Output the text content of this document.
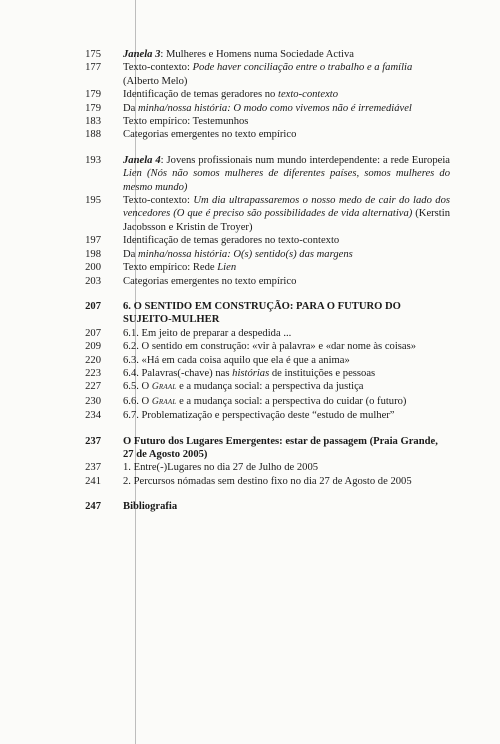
175	Janela 3: Mulheres e Homens numa Sociedade Activa
177	Texto-contexto: Pode haver conciliação entre o trabalho e a família (Alberto Melo)
179	Identificação de temas geradores no texto-contexto
179	Da minha/nossa história: O modo como vivemos não é irremediável
183	Texto empírico: Testemunhos
188	Categorias emergentes no texto empírico
193	Janela 4: Jovens profissionais num mundo interdependente: a rede Europeia Lien (Nós não somos mulheres de diferentes países, somos mulheres do mesmo mundo)
195	Texto-contexto: Um dia ultrapassaremos o nosso medo de cair do lado dos vencedores (O que é preciso são possibilidades de vida alternativa) (Kerstin Jacobsson e Kristin de Troyer)
197	Identificação de temas geradores no texto-contexto
198	Da minha/nossa história: O(s) sentido(s) das margens
200	Texto empírico: Rede Lien
203	Categorias emergentes no texto empírico
207	6. O SENTIDO EM CONSTRUÇÃO: PARA O FUTURO DO SUJEITO-MULHER
207	6.1. Em jeito de preparar a despedida ...
209	6.2. O sentido em construção: «vir à palavra» e «dar nome às coisas»
220	6.3. «Há em cada coisa aquilo que ela é que a anima»
223	6.4. Palavras(-chave) nas histórias de instituições e pessoas
227	6.5. O Graal e a mudança social: a perspectiva da justiça
230	6.6. O Graal e a mudança social: a perspectiva do cuidar (o futuro)
234	6.7. Problematização e perspectivação deste “estudo de mulher”
237	O Futuro dos Lugares Emergentes: estar de passagem (Praia Grande, 27 de Agosto 2005)
237	1. Entre(-)Lugares no dia 27 de Julho de 2005
241	2. Percursos nómadas sem destino fixo no dia 27 de Agosto de 2005
247	Bibliografia
